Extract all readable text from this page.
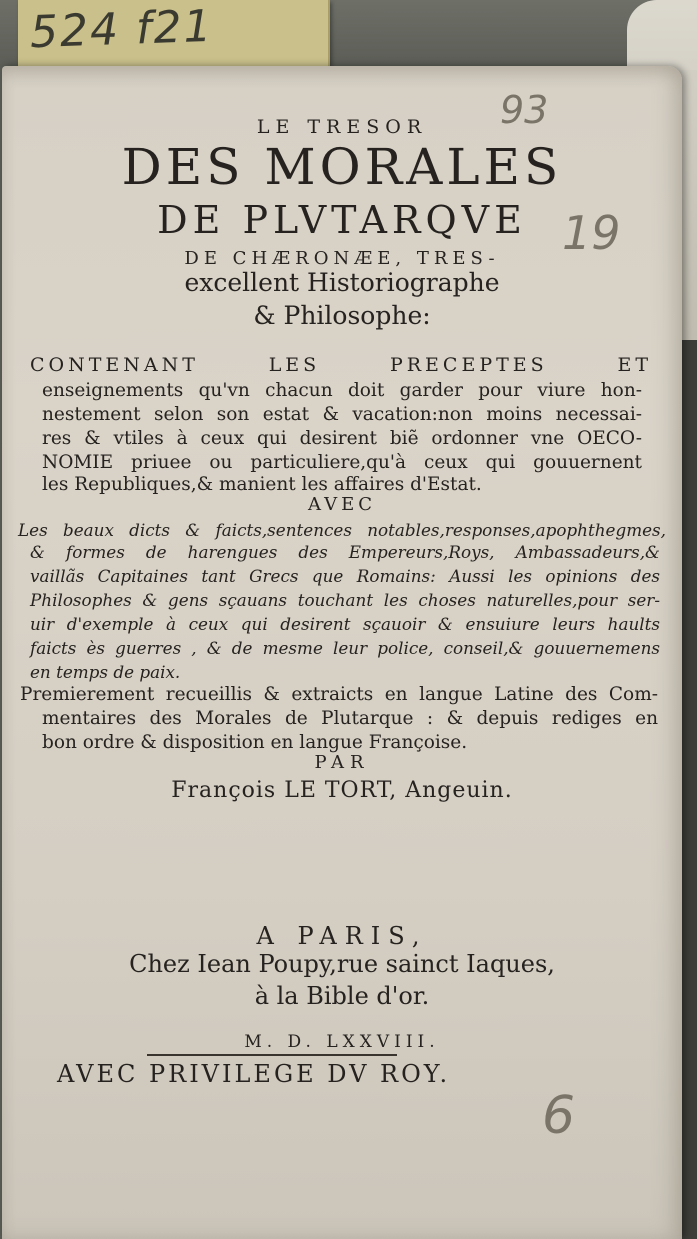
524 f21
93
LE TRESOR
DES MORALES
DE PLVTARQVE 19
DE CHÆRONÆE, TRES-
excellent Historiographe
& Philosophe:
CONTENANT LES PRECEPTES ET
enseignements qu'vn chacun doit garder pour viure hon-
nestement selon son estat & vacation:non moins necessai-
res & vtiles à ceux qui desirent biẽ ordonner vne OECO-
NOMIE priuee ou particuliere,qu'à ceux qui gouuernent
les Republiques,& manient les affaires d'Estat.
AVEC
Les beaux dicts & faicts,sentences notables,responses,apophthegmes,
& formes de harengues des Empereurs,Roys, Ambassadeurs,&
vaillãs Capitaines tant Grecs que Romains: Aussi les opinions des
Philosophes & gens sçauans touchant les choses naturelles,pour ser-
uir d'exemple à ceux qui desirent sçauoir & ensuiure leurs haults
faicts ès guerres , & de mesme leur police, conseil,& gouuernemens
en temps de paix.
Premierement recueillis & extraicts en langue Latine des Com-
mentaires des Morales de Plutarque : & depuis rediges en
bon ordre & disposition en langue Françoise.
PAR
François LE TORT, Angeuin.
A PARIS,
Chez Iean Poupy,rue sainct Iaques,
à la Bible d'or.
M. D. LXXVIII.
AVEC PRIVILEGE DV ROY.
6
